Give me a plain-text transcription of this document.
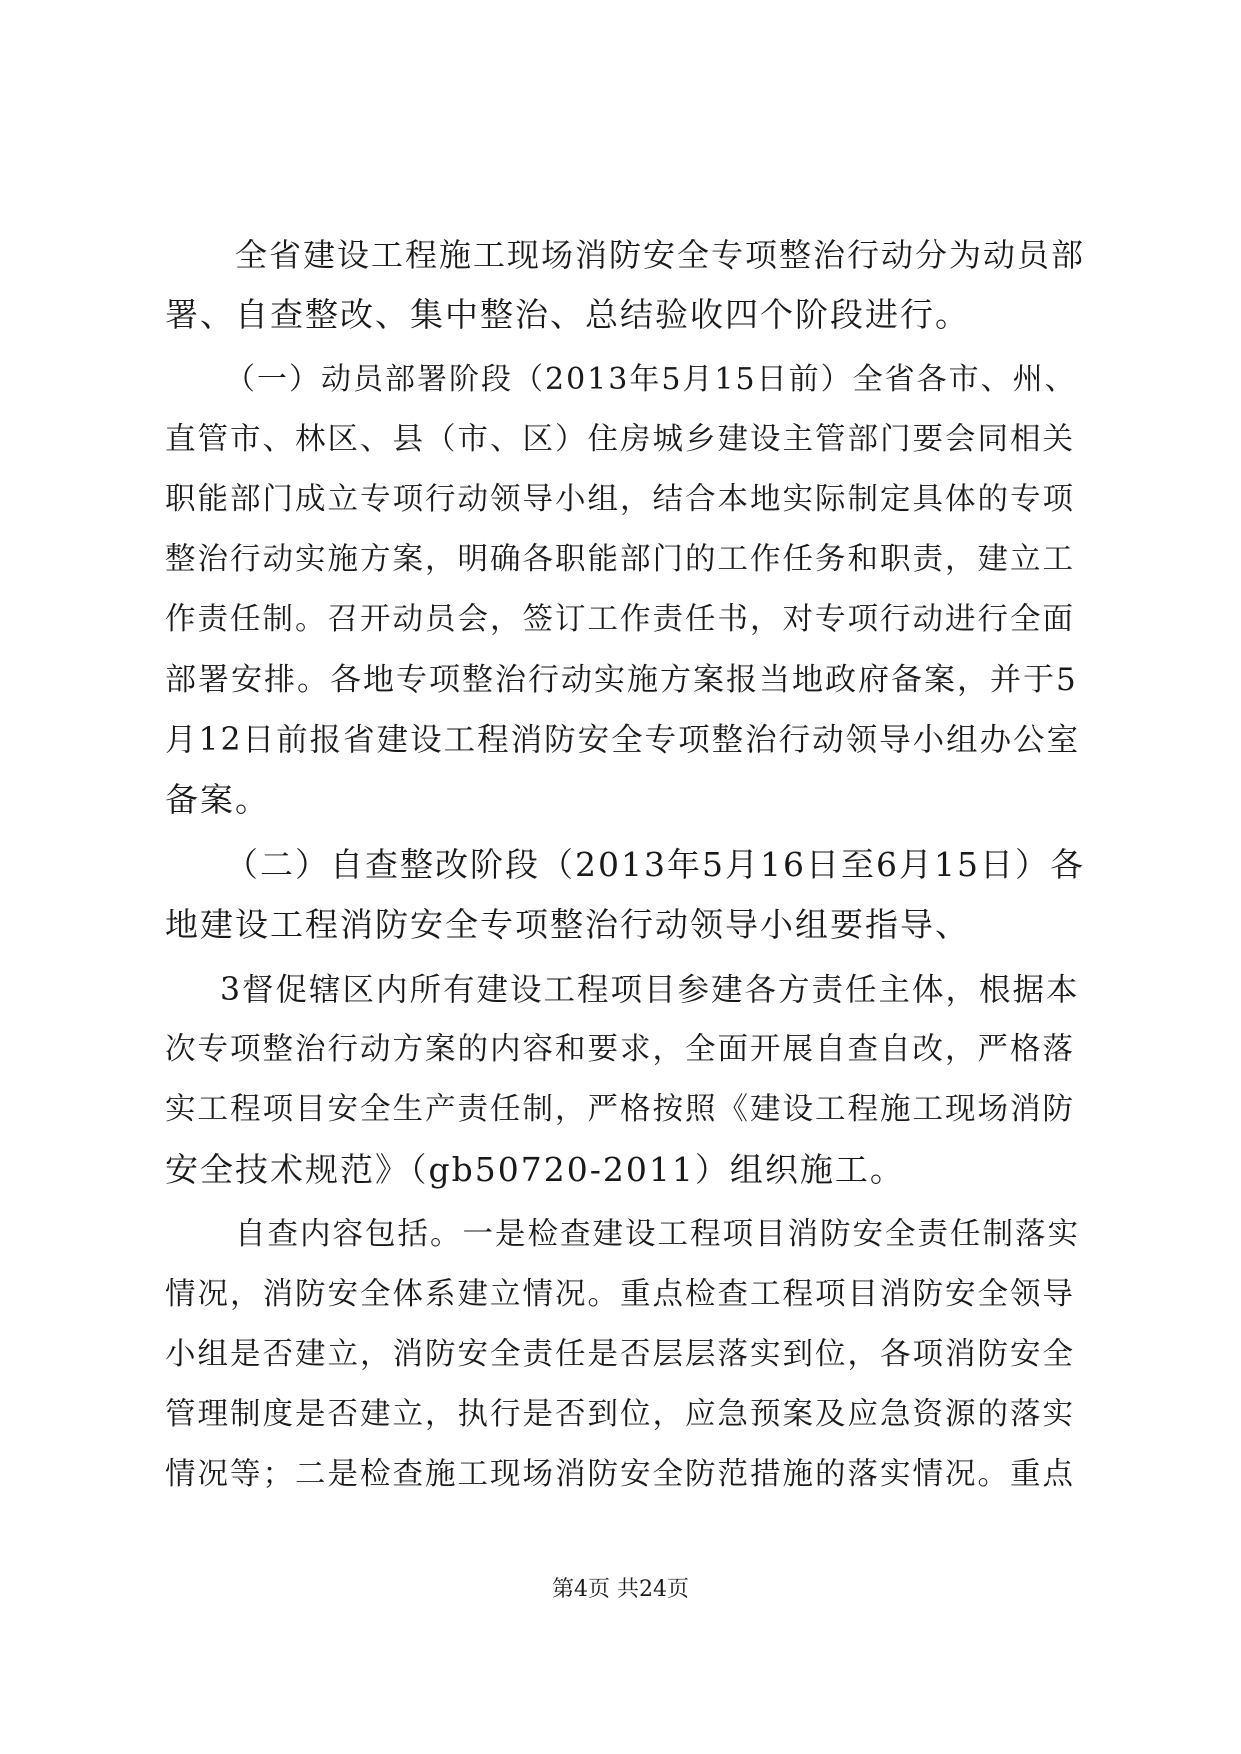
全省建设工程施工现场消防安全专项整治行动分为动员部
署、自查整改、集中整治、总结验收四个阶段进行。
（一）动员部署阶段（2013年5月15日前）全省各市、州、
直管市、林区、县（市、区）住房城乡建设主管部门要会同相关
职能部门成立专项行动领导小组，结合本地实际制定具体的专项
整治行动实施方案，明确各职能部门的工作任务和职责，建立工
作责任制。召开动员会，签订工作责任书，对专项行动进行全面
部署安排。各地专项整治行动实施方案报当地政府备案，并于5
月12日前报省建设工程消防安全专项整治行动领导小组办公室
备案。
（二）自查整改阶段（2013年5月16日至6月15日）各
地建设工程消防安全专项整治行动领导小组要指导、
3督促辖区内所有建设工程项目参建各方责任主体，根据本
次专项整治行动方案的内容和要求，全面开展自查自改，严格落
实工程项目安全生产责任制，严格按照《建设工程施工现场消防
安全技术规范》（gb50720-2011）组织施工。
自查内容包括。一是检查建设工程项目消防安全责任制落实
情况，消防安全体系建立情况。重点检查工程项目消防安全领导
小组是否建立，消防安全责任是否层层落实到位，各项消防安全
管理制度是否建立，执行是否到位，应急预案及应急资源的落实
情况等；二是检查施工现场消防安全防范措施的落实情况。重点
第4页 共24页
